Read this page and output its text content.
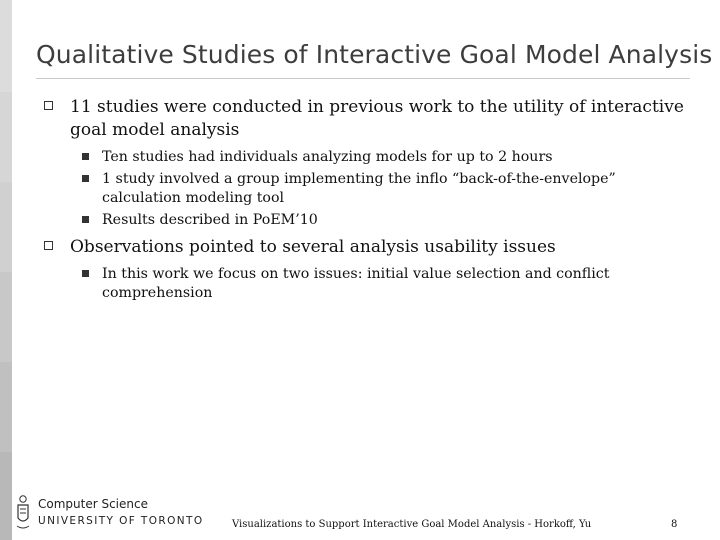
Qualitative Studies of Interactive Goal Model Analysis
11 studies were conducted in previous work to the utility of interactive goal model analysis
Ten studies had individuals analyzing models for up to 2 hours
1 study involved a group implementing the inflo “back-of-the-envelope” calculation modeling tool
Results described in PoEM’10
Observations pointed to several analysis usability issues
In this work we focus on two issues: initial value selection and conflict comprehension
Computer Science
UNIVERSITY OF TORONTO	Visualizations to Support Interactive Goal Model Analysis - Horkoff, Yu	8
